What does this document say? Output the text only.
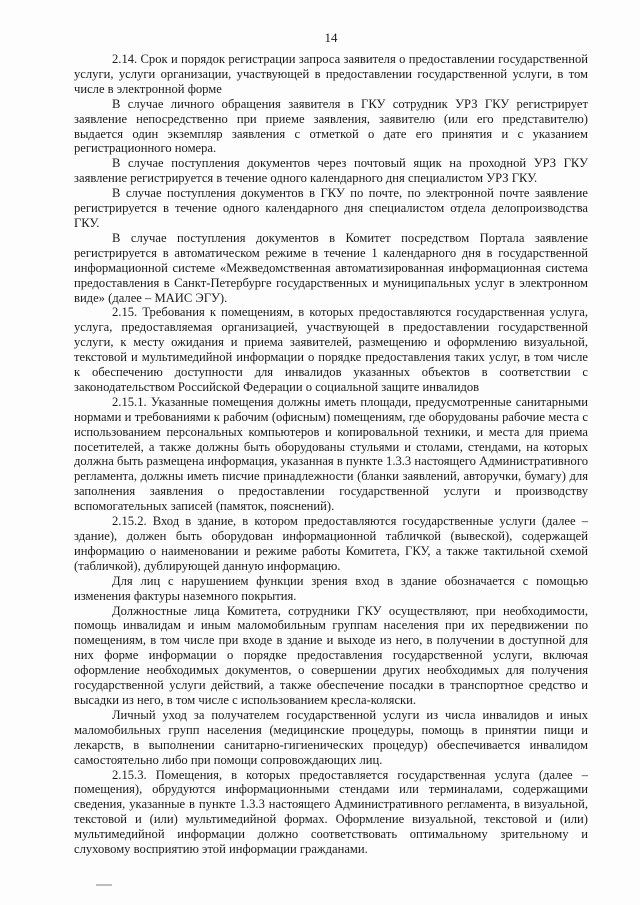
14

2.14. Срок и порядок регистрации запроса заявителя о предоставлении государственной услуги, услуги организации, участвующей в предоставлении государственной услуги, в том числе в электронной форме

В случае личного обращения заявителя в ГКУ сотрудник УРЗ ГКУ регистрирует заявление непосредственно при приеме заявления, заявителю (или его представителю) выдается один экземпляр заявления с отметкой о дате его принятия и с указанием регистрационного номера.

В случае поступления документов через почтовый ящик на проходной УРЗ ГКУ заявление регистрируется в течение одного календарного дня специалистом УРЗ ГКУ.

В случае поступления документов в ГКУ по почте, по электронной почте заявление регистрируется в течение одного календарного дня специалистом отдела делопроизводства ГКУ.

В случае поступления документов в Комитет посредством Портала заявление регистрируется в автоматическом режиме в течение 1 календарного дня в государственной информационной системе «Межведомственная автоматизированная информационная система предоставления в Санкт-Петербурге государственных и муниципальных услуг в электронном виде» (далее – МАИС ЭГУ).

2.15. Требования к помещениям, в которых предоставляются государственная услуга, услуга, предоставляемая организацией, участвующей в предоставлении государственной услуги, к месту ожидания и приема заявителей, размещению и оформлению визуальной, текстовой и мультимедийной информации о порядке предоставления таких услуг, в том числе к обеспечению доступности для инвалидов указанных объектов в соответствии с законодательством Российской Федерации о социальной защите инвалидов

2.15.1. Указанные помещения должны иметь площади, предусмотренные санитарными нормами и требованиями к рабочим (офисным) помещениям, где оборудованы рабочие места с использованием персональных компьютеров и копировальной техники, и места для приема посетителей, а также должны быть оборудованы стульями и столами, стендами, на которых должна быть размещена информация, указанная в пункте 1.3.3 настоящего Административного регламента, должны иметь писчие принадлежности (бланки заявлений, авторучки, бумагу) для заполнения заявления о предоставлении государственной услуги и производству вспомогательных записей (памяток, пояснений).

2.15.2. Вход в здание, в котором предоставляются государственные услуги (далее – здание), должен быть оборудован информационной табличкой (вывеской), содержащей информацию о наименовании и режиме работы Комитета, ГКУ, а также тактильной схемой (табличкой), дублирующей данную информацию.

Для лиц с нарушением функции зрения вход в здание обозначается с помощью изменения фактуры наземного покрытия.

Должностные лица Комитета, сотрудники ГКУ осуществляют, при необходимости, помощь инвалидам и иным маломобильным группам населения при их передвижении по помещениям, в том числе при входе в здание и выходе из него, в получении в доступной для них форме информации о порядке предоставления государственной услуги, включая оформление необходимых документов, о совершении других необходимых для получения государственной услуги действий, а также обеспечение посадки в транспортное средство и высадки из него, в том числе с использованием кресла-коляски.

Личный уход за получателем государственной услуги из числа инвалидов и иных маломобильных групп населения (медицинские процедуры, помощь в принятии пищи и лекарств, в выполнении санитарно-гигиенических процедур) обеспечивается инвалидом самостоятельно либо при помощи сопровождающих лиц.

2.15.3. Помещения, в которых предоставляется государственная услуга (далее – помещения), обрудуются информационными стендами или терминалами, содержащими сведения, указанные в пункте 1.3.3 настоящего Административного регламента, в визуальной, текстовой и (или) мультимедийной формах. Оформление визуальной, текстовой и (или) мультимедийной информации должно соответствовать оптимальному зрительному и слуховому восприятию этой информации гражданами.
